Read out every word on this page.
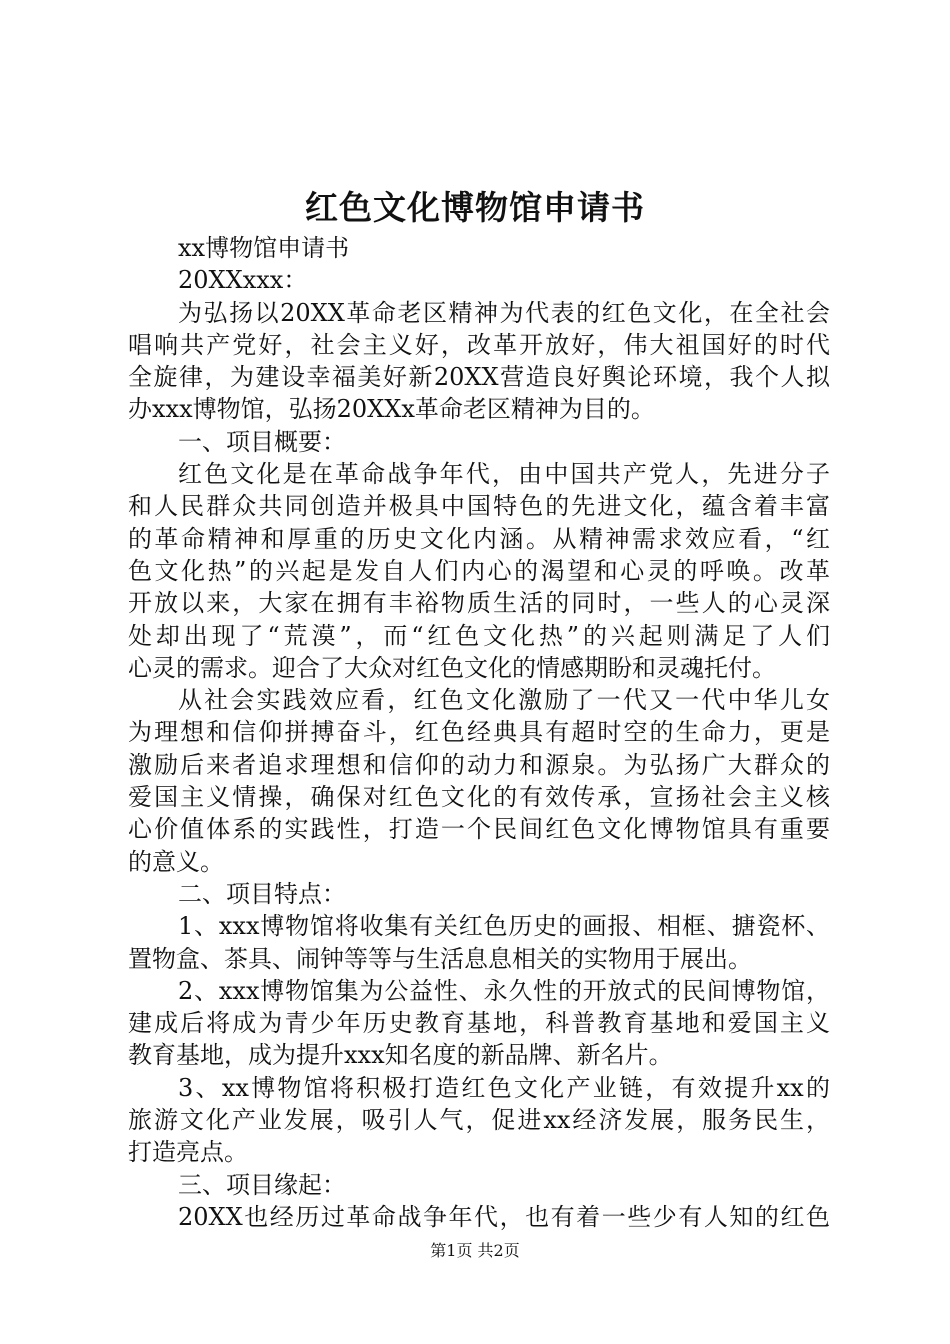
红色文化博物馆申请书
xx博物馆申请书
20XXxxx：
为弘扬以20XX革命老区精神为代表的红色文化，在全社会
唱响共产党好，社会主义好，改革开放好，伟大祖国好的时代
全旋律，为建设幸福美好新20XX营造良好舆论环境，我个人拟
办xxx博物馆，弘扬20XXx革命老区精神为目的。
一、项目概要：
红色文化是在革命战争年代，由中国共产党人，先进分子
和人民群众共同创造并极具中国特色的先进文化，蕴含着丰富
的革命精神和厚重的历史文化内涵。从精神需求效应看，“红
色文化热”的兴起是发自人们内心的渴望和心灵的呼唤。改革
开放以来，大家在拥有丰裕物质生活的同时，一些人的心灵深
处却出现了“荒漠”，而“红色文化热”的兴起则满足了人们
心灵的需求。迎合了大众对红色文化的情感期盼和灵魂托付。
从社会实践效应看，红色文化激励了一代又一代中华儿女
为理想和信仰拼搏奋斗，红色经典具有超时空的生命力，更是
激励后来者追求理想和信仰的动力和源泉。为弘扬广大群众的
爱国主义情操，确保对红色文化的有效传承，宣扬社会主义核
心价值体系的实践性，打造一个民间红色文化博物馆具有重要
的意义。
二、项目特点：
1、xxx博物馆将收集有关红色历史的画报、相框、搪瓷杯、
置物盒、茶具、闹钟等等与生活息息相关的实物用于展出。
2、xxx博物馆集为公益性、永久性的开放式的民间博物馆，
建成后将成为青少年历史教育基地，科普教育基地和爱国主义
教育基地，成为提升xxx知名度的新品牌、新名片。
3、xx博物馆将积极打造红色文化产业链，有效提升xx的
旅游文化产业发展，吸引人气，促进xx经济发展，服务民生，
打造亮点。
三、项目缘起：
20XX也经历过革命战争年代，也有着一些少有人知的红色
第1页 共2页
